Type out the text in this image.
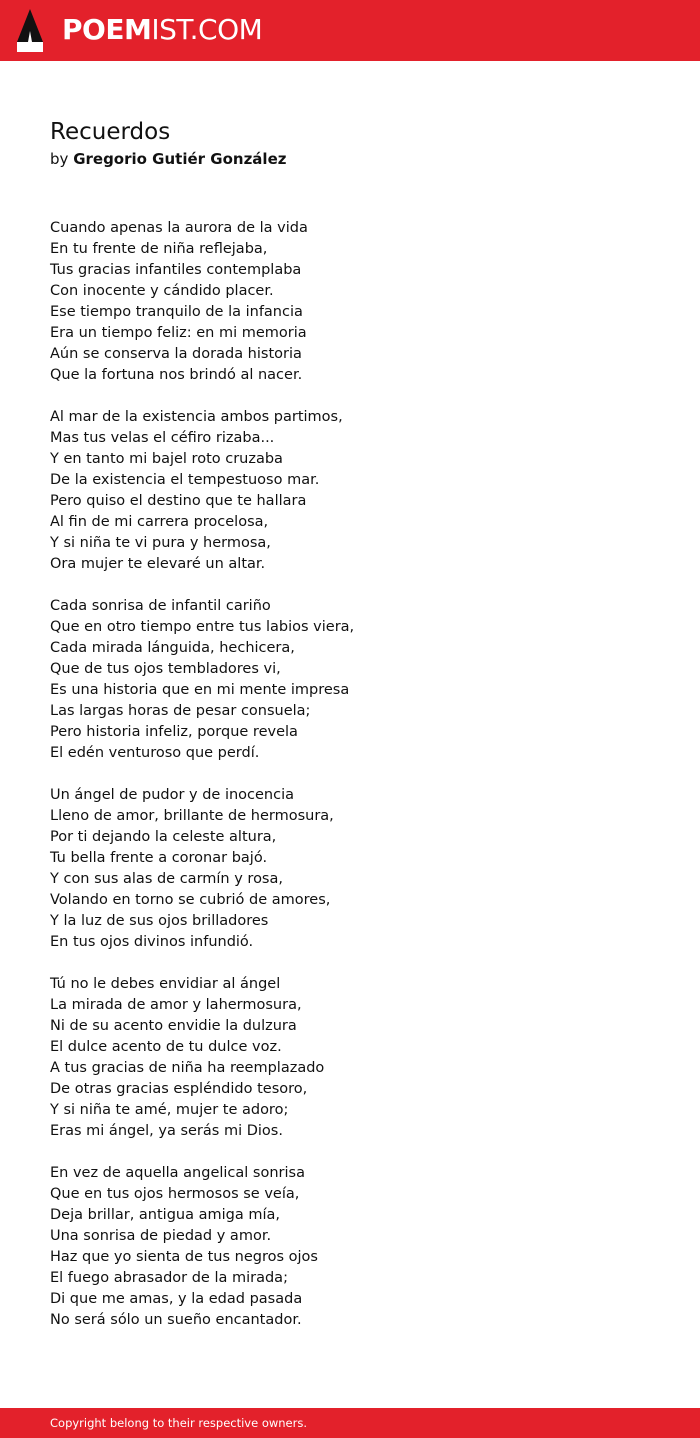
POEMIST.COM
Recuerdos
by Gregorio Gutiér González
Cuando apenas la aurora de la vida
En tu frente de niña reflejaba,
Tus gracias infantiles contemplaba
Con inocente y cándido placer.
Ese tiempo tranquilo de la infancia
Era un tiempo feliz: en mi memoria
Aún se conserva la dorada historia
Que la fortuna nos brindó al nacer.
Al mar de la existencia ambos partimos,
Mas tus velas el céfiro rizaba...
Y en tanto mi bajel roto cruzaba
De la existencia el tempestuoso mar.
Pero quiso el destino que te hallara
Al fin de mi carrera procelosa,
Y si niña te vi pura y hermosa,
Ora mujer te elevaré un altar.
Cada sonrisa de infantil cariño
Que en otro tiempo entre tus labios viera,
Cada mirada lánguida, hechicera,
Que de tus ojos tembladores vi,
Es una historia que en mi mente impresa
Las largas horas de pesar consuela;
Pero historia infeliz, porque revela
El edén venturoso que perdí.
Un ángel de pudor y de inocencia
Lleno de amor, brillante de hermosura,
Por ti dejando la celeste altura,
Tu bella frente a coronar bajó.
Y con sus alas de carmín y rosa,
Volando en torno se cubrió de amores,
Y la luz de sus ojos brilladores
En tus ojos divinos infundió.
Tú no le debes envidiar al ángel
La mirada de amor y lahermosura,
Ni de su acento envidie la dulzura
El dulce acento de tu dulce voz.
A tus gracias de niña ha reemplazado
De otras gracias espléndido tesoro,
Y si niña te amé, mujer te adoro;
Eras mi ángel, ya serás mi Dios.
En vez de aquella angelical sonrisa
Que en tus ojos hermosos se veía,
Deja brillar, antigua amiga mía,
Una sonrisa de piedad y amor.
Haz que yo sienta de tus negros ojos
El fuego abrasador de la mirada;
Di que me amas, y la edad pasada
No será sólo un sueño encantador.
Copyright belong to their respective owners.
